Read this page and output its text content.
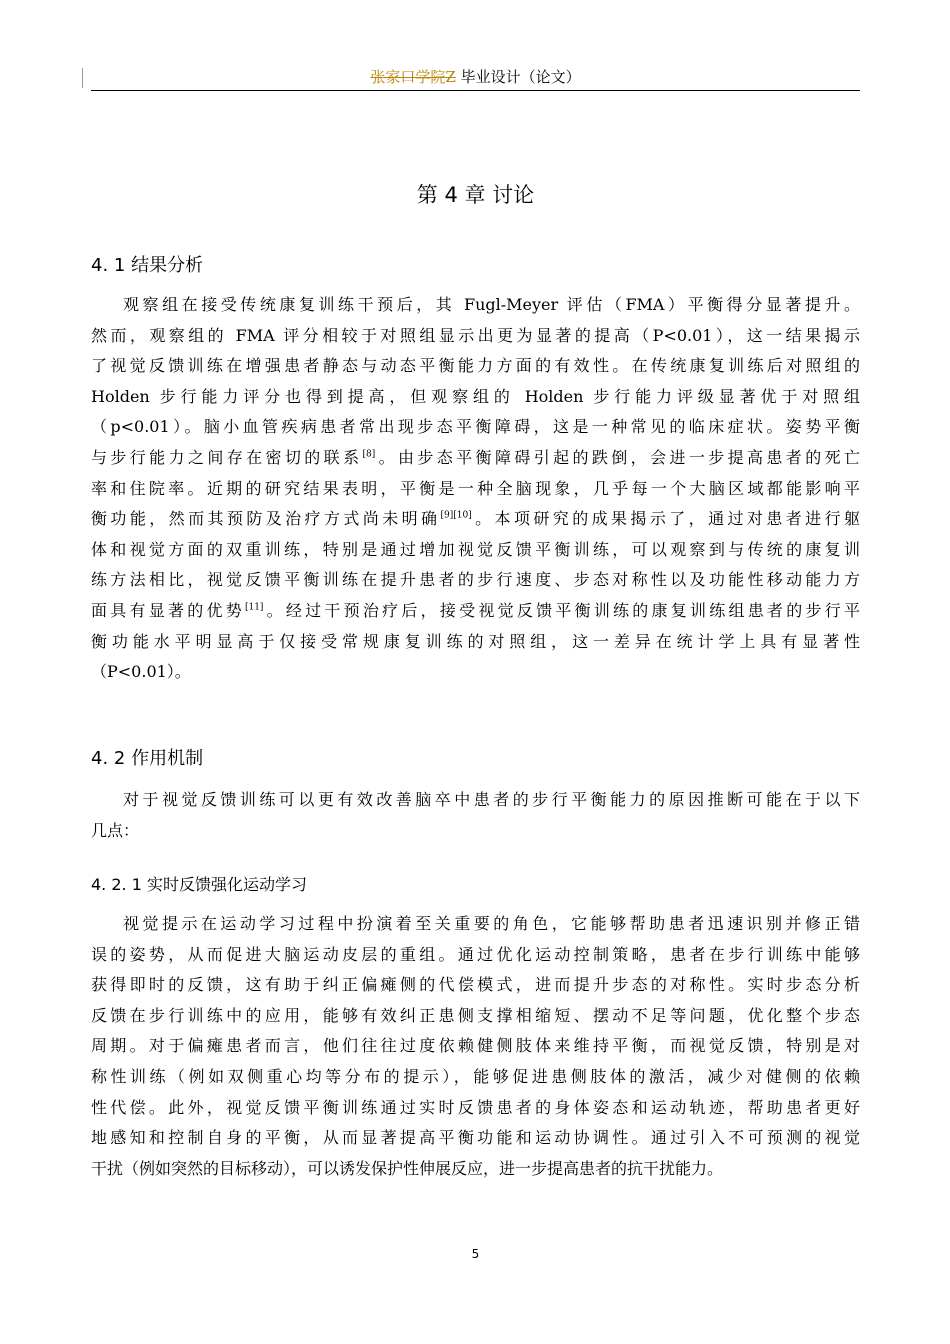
张家口学院Z 毕业设计（论文）
第 4 章 讨论
4. 1 结果分析
观察组在接受传统康复训练干预后，其 Fugl-Meyer 评估（FMA）平衡得分显著提升。
然而，观察组的 FMA 评分相较于对照组显示出更为显著的提高（P<0.01），这一结果揭示
了视觉反馈训练在增强患者静态与动态平衡能力方面的有效性。在传统康复训练后对照组的
Holden 步行能力评分也得到提高，但观察组的 Holden 步行能力评级显著优于对照组
（p<0.01）。脑小血管疾病患者常出现步态平衡障碍，这是一种常见的临床症状。姿势平衡
与步行能力之间存在密切的联系[8]。由步态平衡障碍引起的跌倒，会进一步提高患者的死亡
率和住院率。近期的研究结果表明，平衡是一种全脑现象，几乎每一个大脑区域都能影响平
衡功能，然而其预防及治疗方式尚未明确[9][10]。本项研究的成果揭示了，通过对患者进行躯
体和视觉方面的双重训练，特别是通过增加视觉反馈平衡训练，可以观察到与传统的康复训
练方法相比，视觉反馈平衡训练在提升患者的步行速度、步态对称性以及功能性移动能力方
面具有显著的优势[11]。经过干预治疗后，接受视觉反馈平衡训练的康复训练组患者的步行平
衡功能水平明显高于仅接受常规康复训练的对照组，这一差异在统计学上具有显著性
（P<0.01）。
4. 2 作用机制
对于视觉反馈训练可以更有效改善脑卒中患者的步行平衡能力的原因推断可能在于以下
几点：
4. 2. 1 实时反馈强化运动学习
视觉提示在运动学习过程中扮演着至关重要的角色，它能够帮助患者迅速识别并修正错
误的姿势，从而促进大脑运动皮层的重组。通过优化运动控制策略，患者在步行训练中能够
获得即时的反馈，这有助于纠正偏瘫侧的代偿模式，进而提升步态的对称性。实时步态分析
反馈在步行训练中的应用，能够有效纠正患侧支撑相缩短、摆动不足等问题，优化整个步态
周期。对于偏瘫患者而言，他们往往过度依赖健侧肢体来维持平衡，而视觉反馈，特别是对
称性训练（例如双侧重心均等分布的提示），能够促进患侧肢体的激活，减少对健侧的依赖
性代偿。此外，视觉反馈平衡训练通过实时反馈患者的身体姿态和运动轨迹，帮助患者更好
地感知和控制自身的平衡，从而显著提高平衡功能和运动协调性。通过引入不可预测的视觉
干扰（例如突然的目标移动），可以诱发保护性伸展反应，进一步提高患者的抗干扰能力。
5
